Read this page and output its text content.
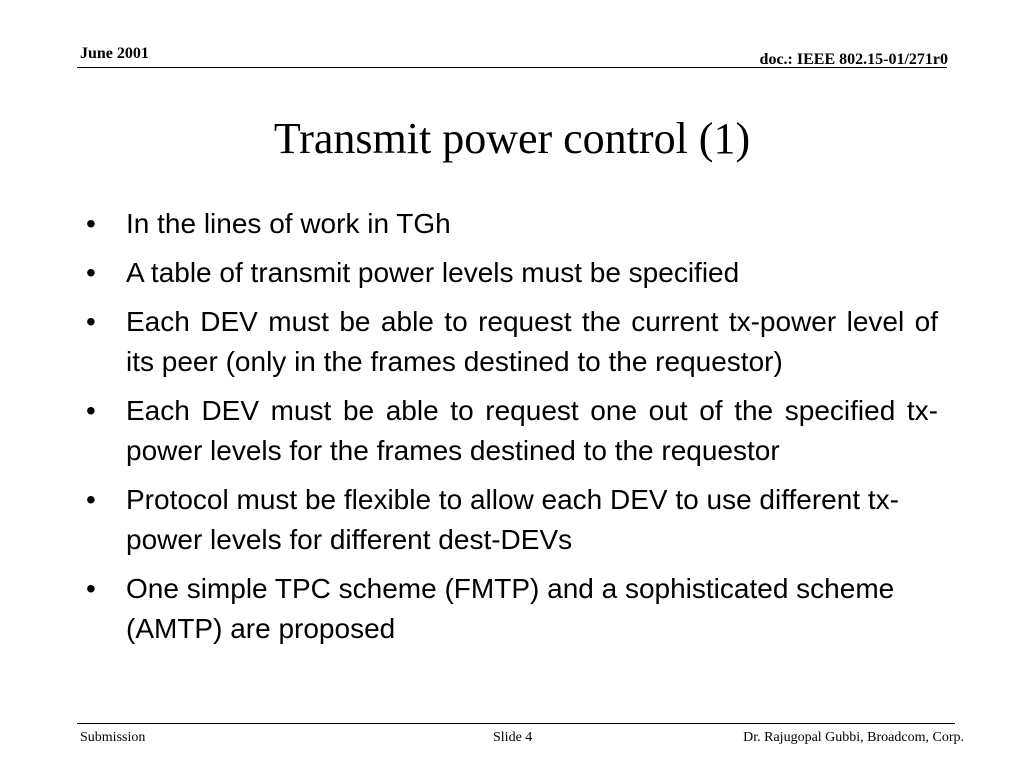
June 2001	doc.: IEEE 802.15-01/271r0
Transmit power control (1)
• In the lines of work in TGh
• A table of transmit power levels must be specified
• Each DEV must be able to request the current tx-power level of its peer (only in the frames destined to the requestor)
• Each DEV must be able to request one out of the specified tx-power levels for the frames destined to the requestor
• Protocol must be flexible to allow each DEV to use different tx-power levels for different dest-DEVs
• One simple TPC scheme (FMTP) and a sophisticated scheme (AMTP) are proposed
Submission	Slide 4	Dr. Rajugopal Gubbi, Broadcom, Corp.
